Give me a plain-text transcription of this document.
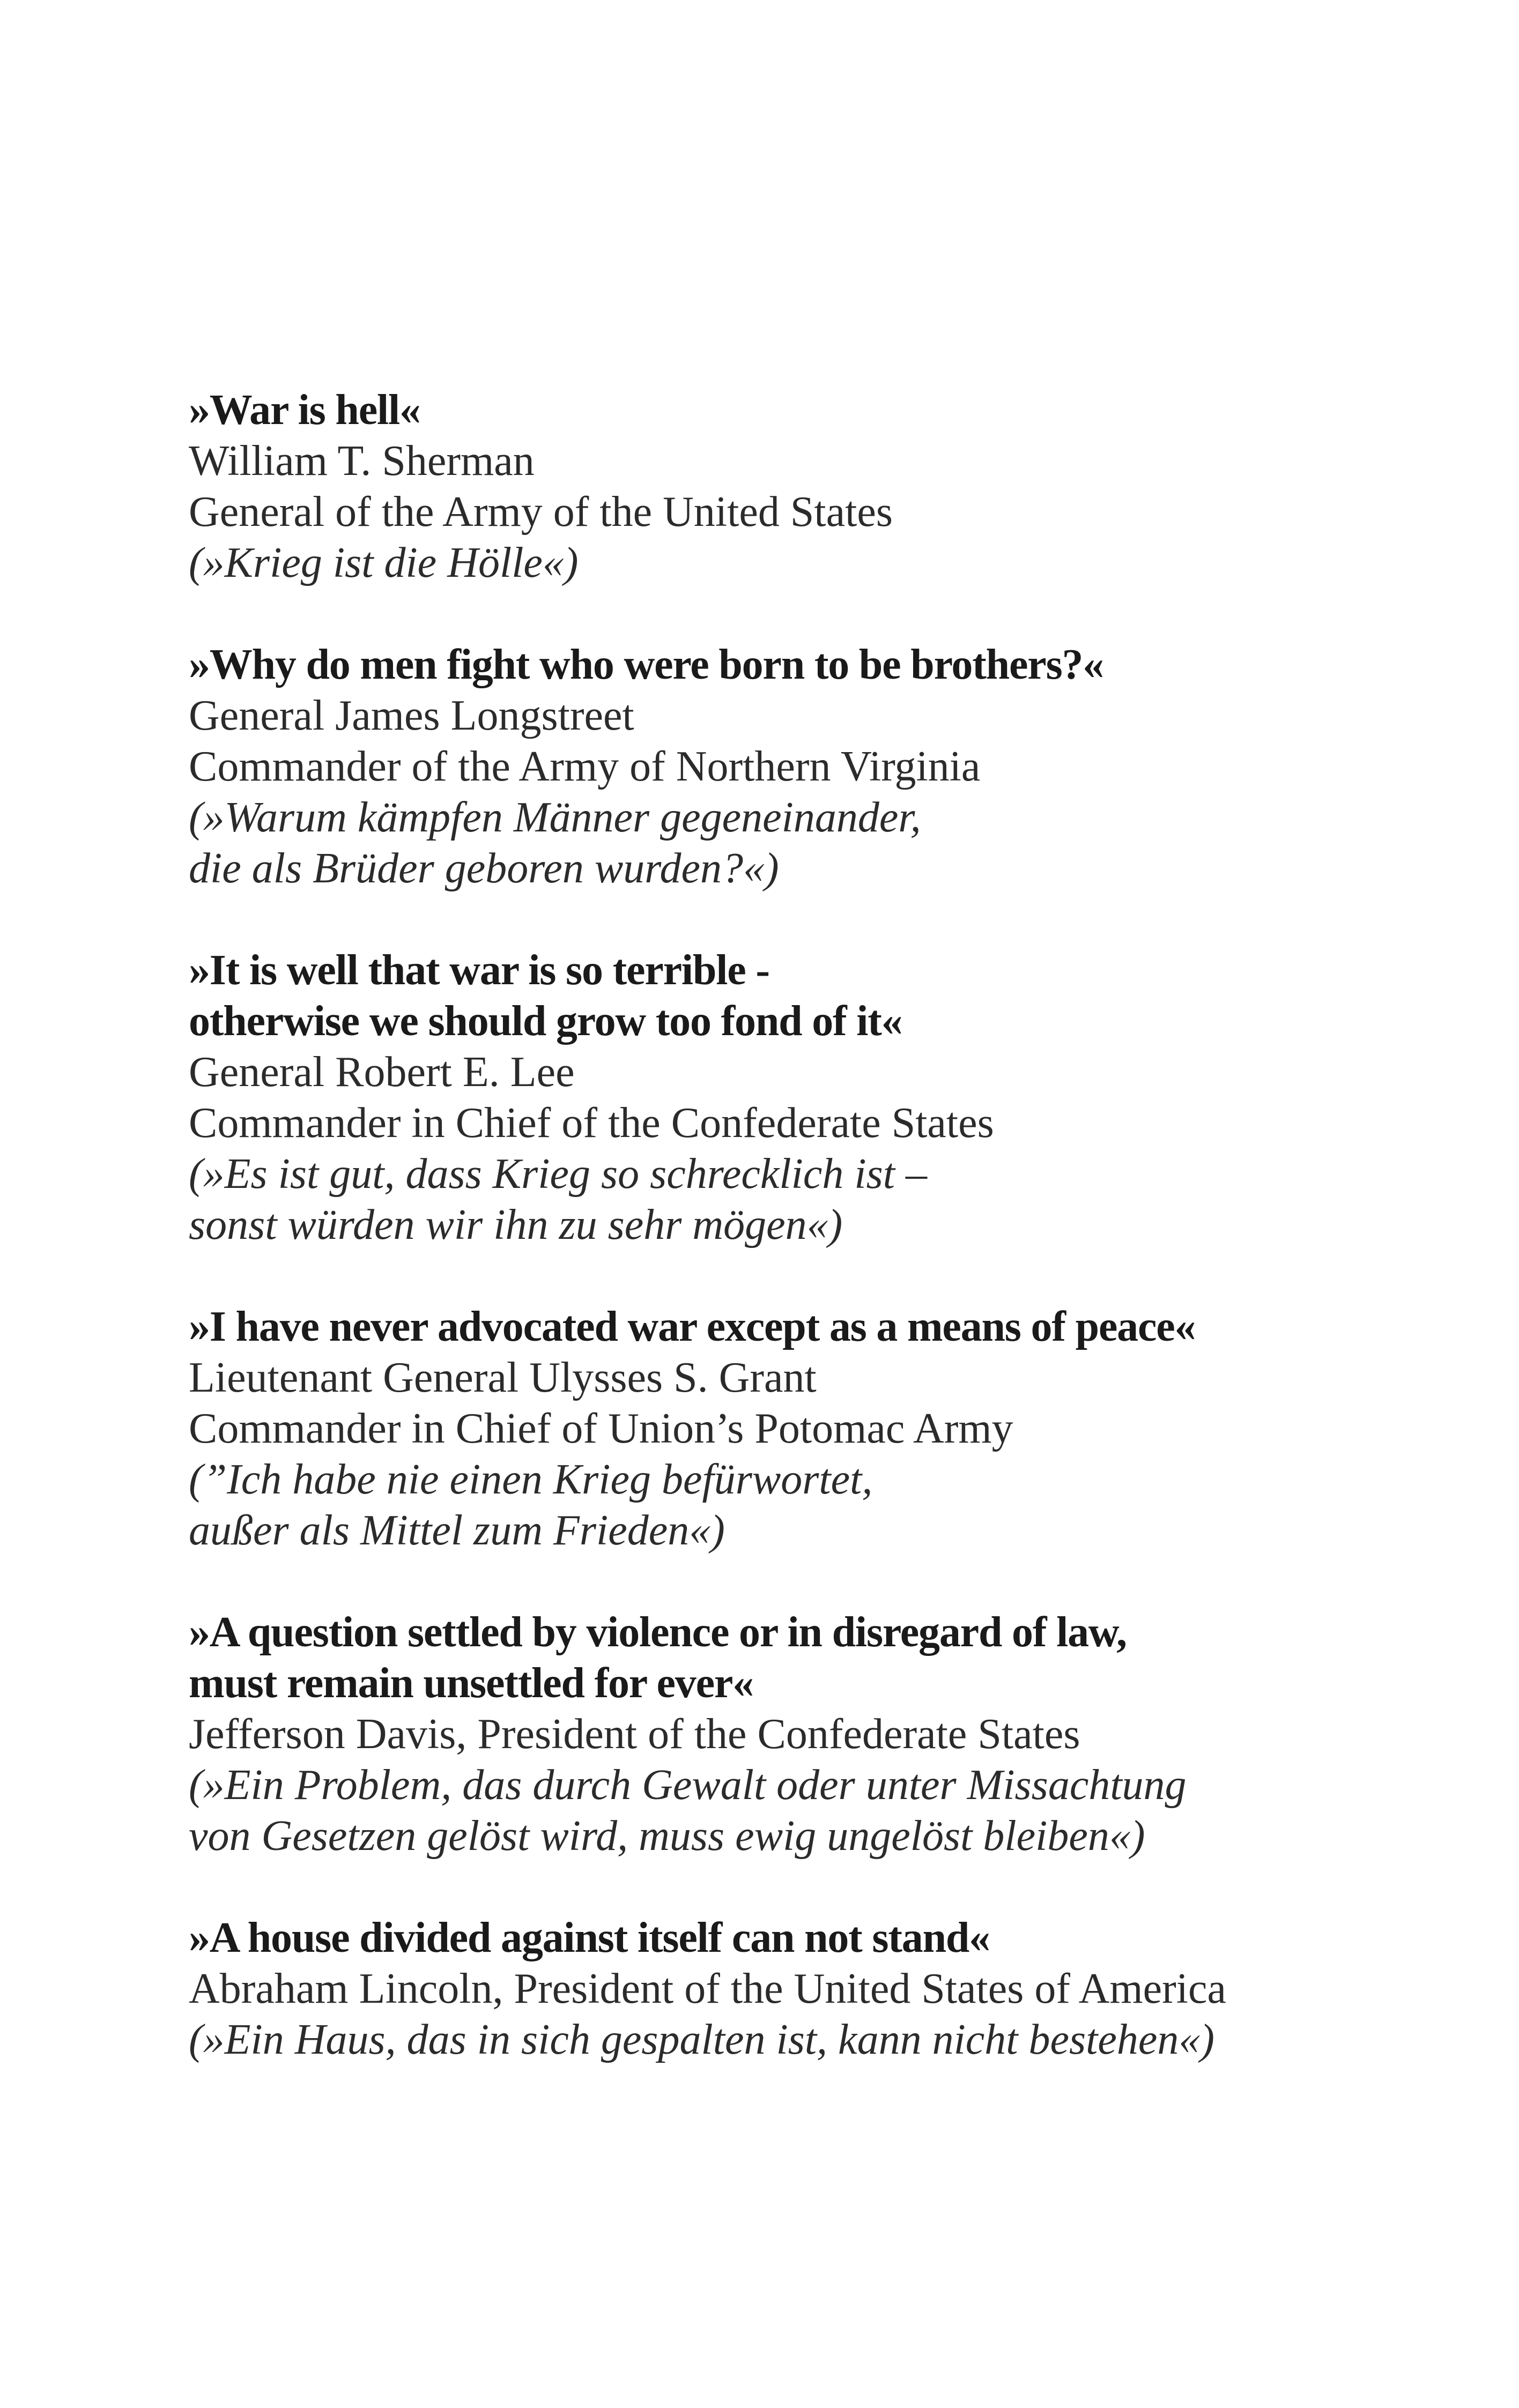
»War is hell«
William T. Sherman
General of the Army of the United States
(»Krieg ist die Hölle«)
»Why do men fight who were born to be brothers?«
General James Longstreet
Commander of the Army of Northern Virginia
(»Warum kämpfen Männer gegeneinander,
die als Brüder geboren wurden?«)
»It is well that war is so terrible -
otherwise we should grow too fond of it«
General Robert E. Lee
Commander in Chief of the Confederate States
(»Es ist gut, dass Krieg so schrecklich ist –
sonst würden wir ihn zu sehr mögen«)
»I have never advocated war except as a means of peace«
Lieutenant General Ulysses S. Grant
Commander in Chief of Union’s Potomac Army
(”Ich habe nie einen Krieg befürwortet,
außer als Mittel zum Frieden«)
»A question settled by violence or in disregard of law,
must remain unsettled for ever«
Jefferson Davis, President of the Confederate States
(»Ein Problem, das durch Gewalt oder unter Missachtung
von Gesetzen gelöst wird, muss ewig ungelöst bleiben«)
»A house divided against itself can not stand«
Abraham Lincoln, President of the United States of America
(»Ein Haus, das in sich gespalten ist, kann nicht bestehen«)
